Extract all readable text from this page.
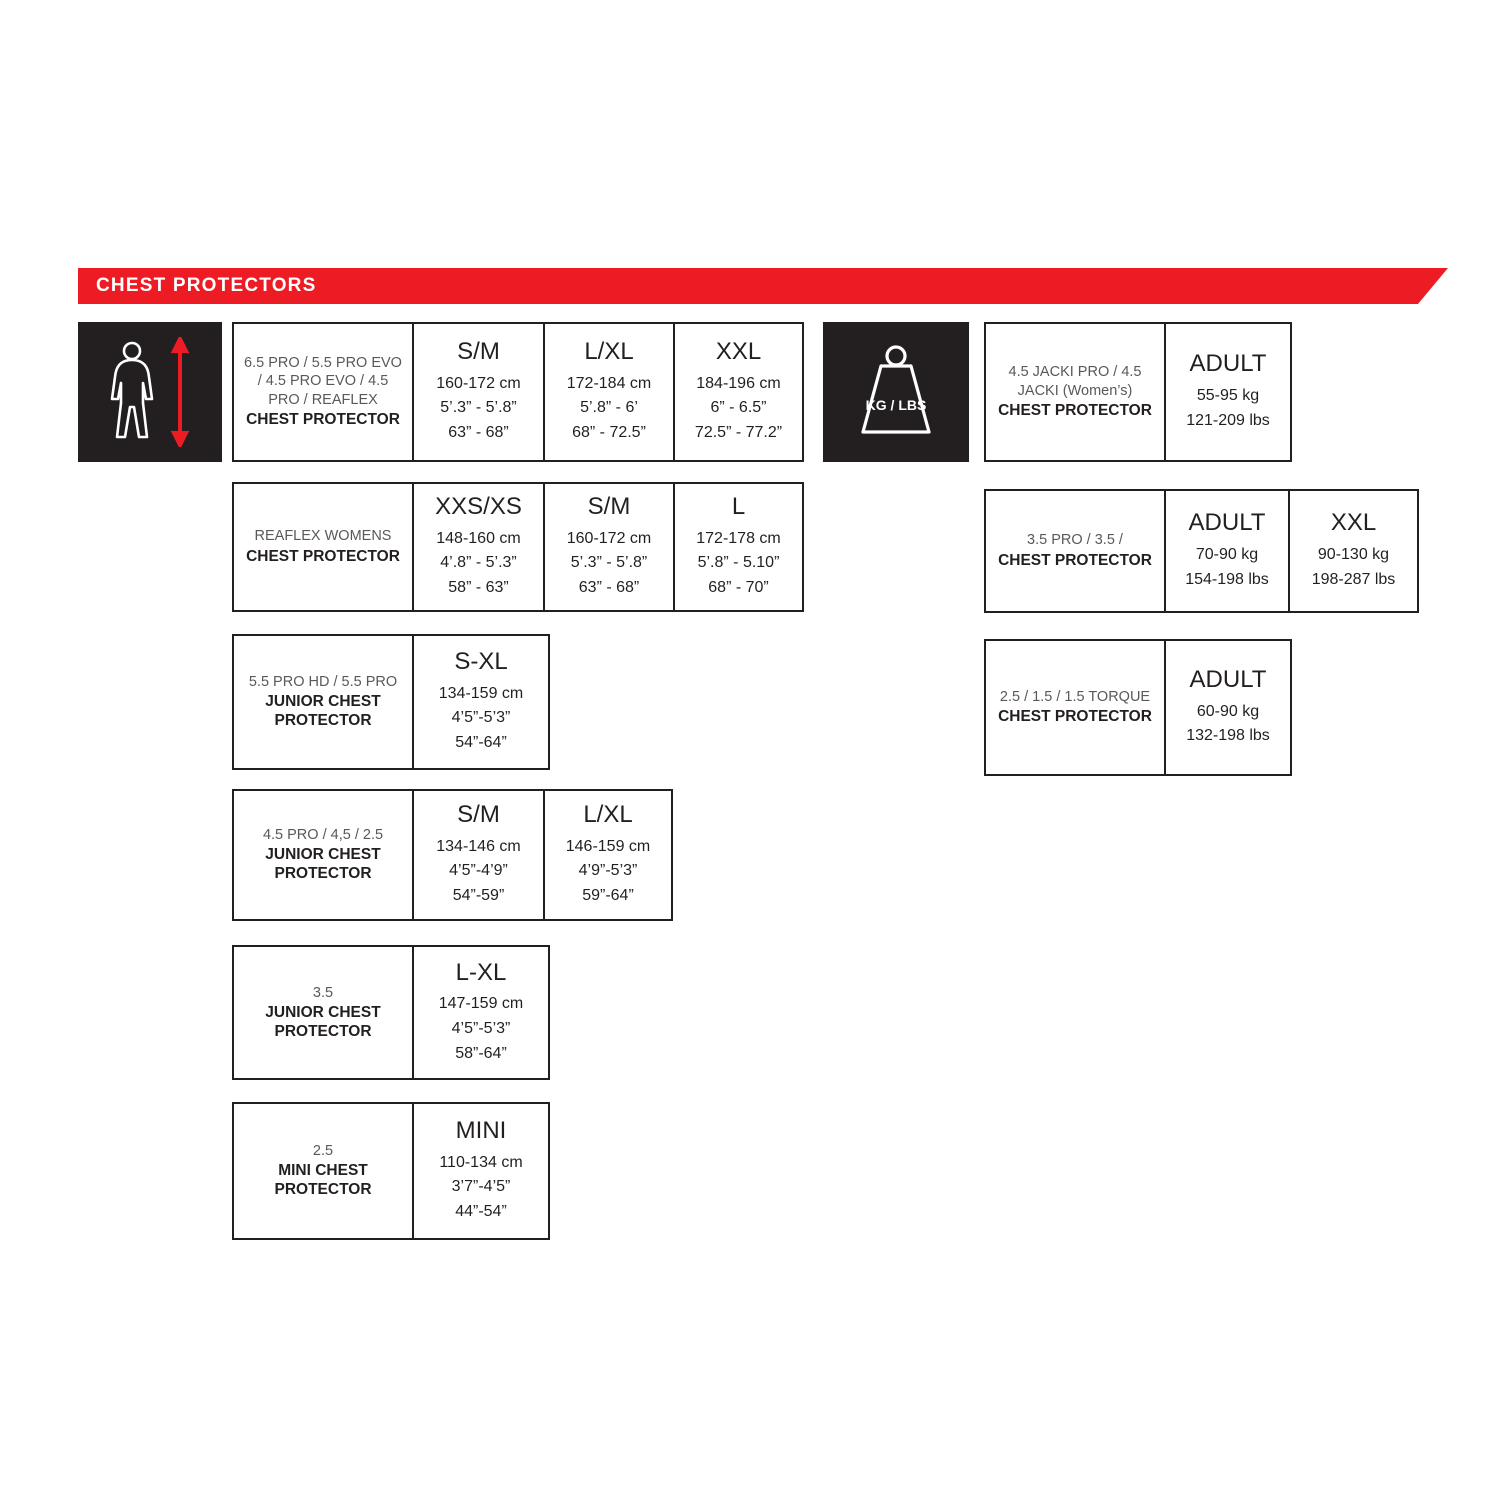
CHEST PROTECTORS
KG / LBS
6.5 PRO / 5.5 PRO EVO / 4.5 PRO EVO / 4.5 PRO / REAFLEX
CHEST PROTECTOR
S/M
160-172 cm
5’.3” - 5’.8”
63” - 68”
L/XL
172-184 cm
5’.8” - 6’
68” - 72.5”
XXL
184-196 cm
6” - 6.5”
72.5” - 77.2”
REAFLEX WOMENS
CHEST PROTECTOR
XXS/XS
148-160 cm
4’.8” - 5’.3”
58” - 63”
S/M
160-172 cm
5’.3” - 5’.8”
63” - 68”
L
172-178 cm
5’.8” - 5.10”
68” - 70”
5.5 PRO HD / 5.5 PRO
JUNIOR CHEST PROTECTOR
S-XL
134-159 cm
4’5”-5’3”
54”-64”
4.5 PRO / 4,5 / 2.5
JUNIOR CHEST PROTECTOR
S/M
134-146 cm
4’5”-4’9”
54”-59”
L/XL
146-159 cm
4’9”-5’3”
59”-64”
3.5
JUNIOR CHEST PROTECTOR
L-XL
147-159 cm
4’5”-5’3”
58”-64”
2.5
MINI CHEST PROTECTOR
MINI
110-134 cm
3’7”-4’5”
44”-54”
4.5 JACKI PRO / 4.5 JACKI (Women’s)
CHEST PROTECTOR
ADULT
55-95 kg
121-209 lbs
3.5 PRO / 3.5 /
CHEST PROTECTOR
ADULT
70-90 kg
154-198 lbs
XXL
90-130 kg
198-287 lbs
2.5 / 1.5 / 1.5 TORQUE
CHEST PROTECTOR
ADULT
60-90 kg
132-198 lbs
